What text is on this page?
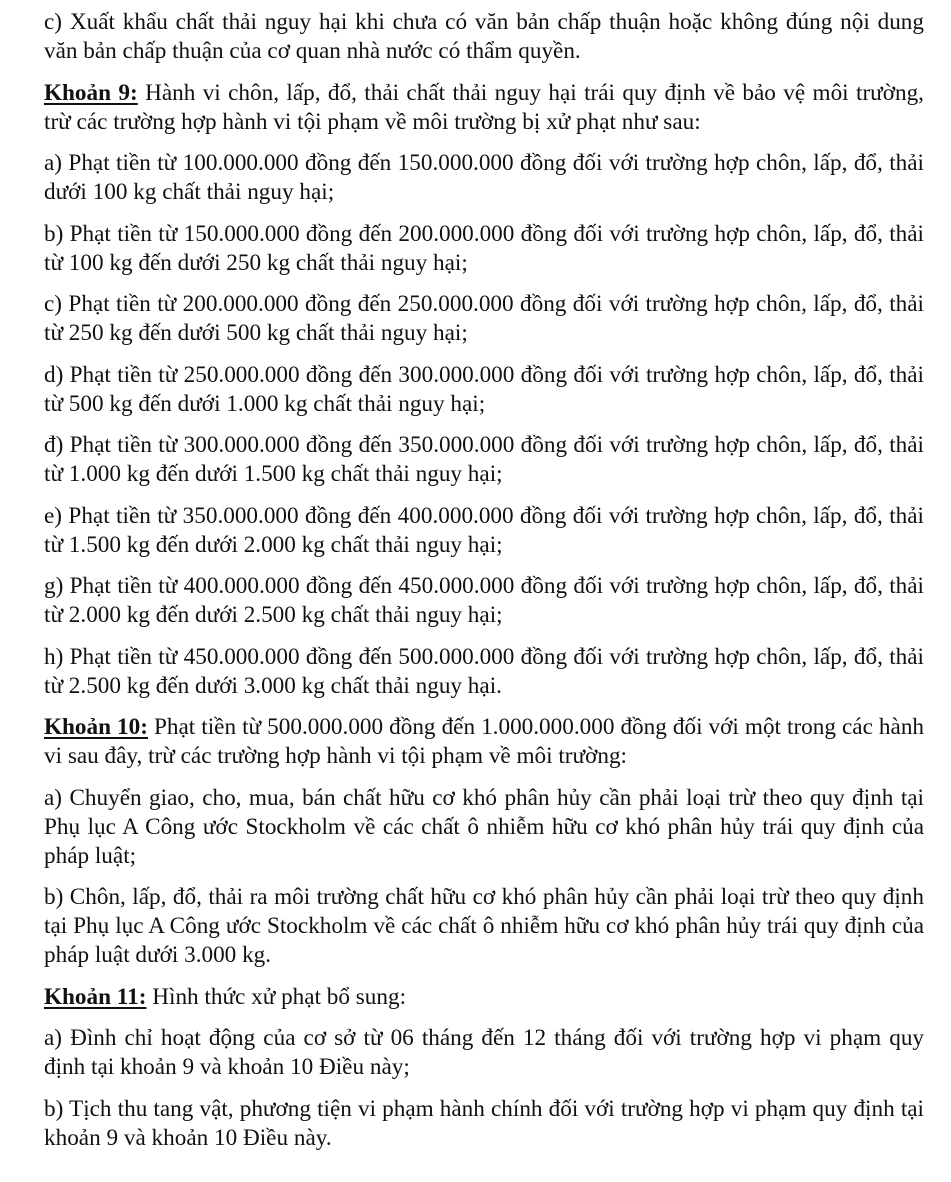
c) Xuất khẩu chất thải nguy hại khi chưa có văn bản chấp thuận hoặc không đúng nội dung văn bản chấp thuận của cơ quan nhà nước có thẩm quyền.

Khoản 9: Hành vi chôn, lấp, đổ, thải chất thải nguy hại trái quy định về bảo vệ môi trường, trừ các trường hợp hành vi tội phạm về môi trường bị xử phạt như sau:

a) Phạt tiền từ 100.000.000 đồng đến 150.000.000 đồng đối với trường hợp chôn, lấp, đổ, thải dưới 100 kg chất thải nguy hại;

b) Phạt tiền từ 150.000.000 đồng đến 200.000.000 đồng đối với trường hợp chôn, lấp, đổ, thải từ 100 kg đến dưới 250 kg chất thải nguy hại;

c) Phạt tiền từ 200.000.000 đồng đến 250.000.000 đồng đối với trường hợp chôn, lấp, đổ, thải từ 250 kg đến dưới 500 kg chất thải nguy hại;

d) Phạt tiền từ 250.000.000 đồng đến 300.000.000 đồng đối với trường hợp chôn, lấp, đổ, thải từ 500 kg đến dưới 1.000 kg chất thải nguy hại;

đ) Phạt tiền từ 300.000.000 đồng đến 350.000.000 đồng đối với trường hợp chôn, lấp, đổ, thải từ 1.000 kg đến dưới 1.500 kg chất thải nguy hại;

e) Phạt tiền từ 350.000.000 đồng đến 400.000.000 đồng đối với trường hợp chôn, lấp, đổ, thải từ 1.500 kg đến dưới 2.000 kg chất thải nguy hại;

g) Phạt tiền từ 400.000.000 đồng đến 450.000.000 đồng đối với trường hợp chôn, lấp, đổ, thải từ 2.000 kg đến dưới 2.500 kg chất thải nguy hại;

h) Phạt tiền từ 450.000.000 đồng đến 500.000.000 đồng đối với trường hợp chôn, lấp, đổ, thải từ 2.500 kg đến dưới 3.000 kg chất thải nguy hại.

Khoản 10: Phạt tiền từ 500.000.000 đồng đến 1.000.000.000 đồng đối với một trong các hành vi sau đây, trừ các trường hợp hành vi tội phạm về môi trường:

a) Chuyển giao, cho, mua, bán chất hữu cơ khó phân hủy cần phải loại trừ theo quy định tại Phụ lục A Công ước Stockholm về các chất ô nhiễm hữu cơ khó phân hủy trái quy định của pháp luật;

b) Chôn, lấp, đổ, thải ra môi trường chất hữu cơ khó phân hủy cần phải loại trừ theo quy định tại Phụ lục A Công ước Stockholm về các chất ô nhiễm hữu cơ khó phân hủy trái quy định của pháp luật dưới 3.000 kg.

Khoản 11: Hình thức xử phạt bổ sung:

a) Đình chỉ hoạt động của cơ sở từ 06 tháng đến 12 tháng đối với trường hợp vi phạm quy định tại khoản 9 và khoản 10 Điều này;

b) Tịch thu tang vật, phương tiện vi phạm hành chính đối với trường hợp vi phạm quy định tại khoản 9 và khoản 10 Điều này.
